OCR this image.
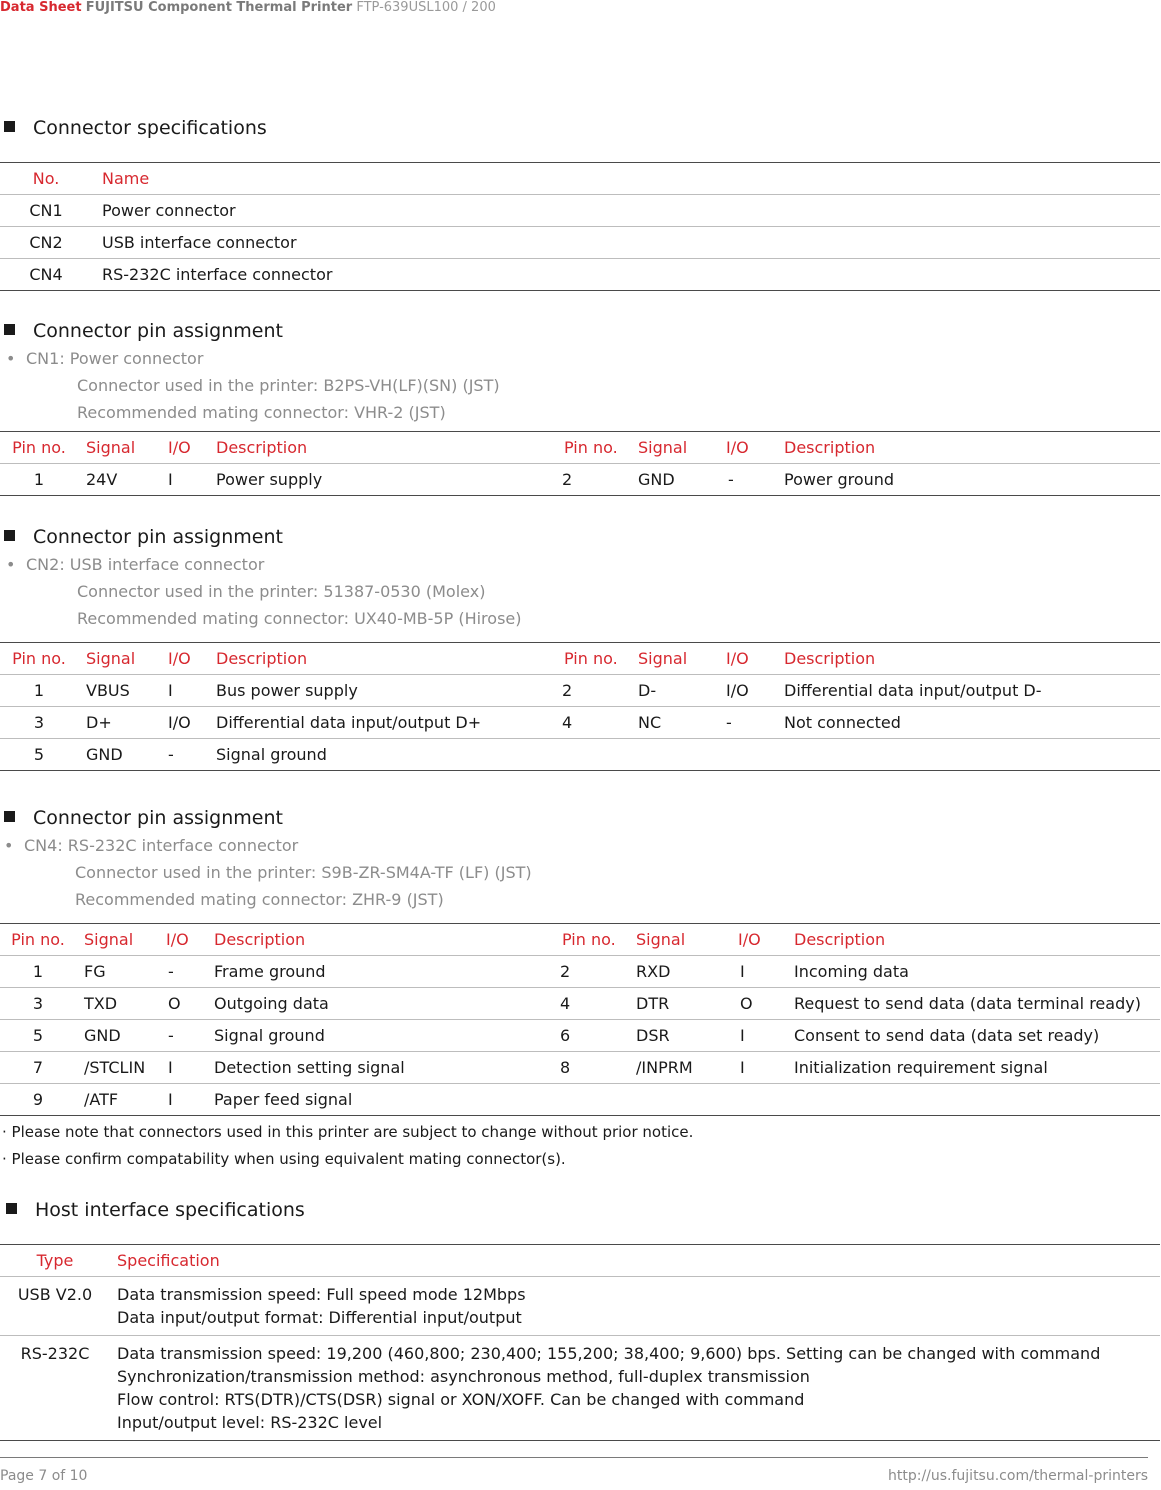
Data Sheet FUJITSU Component Thermal Printer FTP-639USL100 / 200
Connector specifications
No.	Name
CN1	Power connector
CN2	USB interface connector
CN4	RS-232C interface connector
Connector pin assignment
• CN1: Power connector
Connector used in the printer: B2PS-VH(LF)(SN) (JST)
Recommended mating connector: VHR-2 (JST)
Pin no.	Signal	I/O	Description	Pin no.	Signal	I/O	Description
1	24V	I	Power supply	2	GND	-	Power ground
Connector pin assignment
• CN2: USB interface connector
Connector used in the printer: 51387-0530 (Molex)
Recommended mating connector: UX40-MB-5P (Hirose)
Pin no.	Signal	I/O	Description	Pin no.	Signal	I/O	Description
1	VBUS	I	Bus power supply	2	D-	I/O	Differential data input/output D-
3	D+	I/O	Differential data input/output D+	4	NC	-	Not connected
5	GND	-	Signal ground				
Connector pin assignment
• CN4: RS-232C interface connector
Connector used in the printer: S9B-ZR-SM4A-TF (LF) (JST)
Recommended mating connector: ZHR-9 (JST)
Pin no.	Signal	I/O	Description	Pin no.	Signal	I/O	Description
1	FG	-	Frame ground	2	RXD	I	Incoming data
3	TXD	O	Outgoing data	4	DTR	O	Request to send data (data terminal ready)
5	GND	-	Signal ground	6	DSR	I	Consent to send data (data set ready)
7	/STCLIN	I	Detection setting signal	8	/INPRM	I	Initialization requirement signal
9	/ATF	I	Paper feed signal				
· Please note that connectors used in this printer are subject to change without prior notice.
· Please confirm compatability when using equivalent mating connector(s).
Host interface specifications
Type	Specification
USB V2.0	Data transmission speed: Full speed mode 12Mbps
Data input/output format: Differential input/output

RS-232C	Data transmission speed: 19,200 (460,800; 230,400; 155,200; 38,400; 9,600) bps. Setting can be changed with command
Synchronization/transmission method: asynchronous method, full-duplex transmission
Flow control: RTS(DTR)/CTS(DSR) signal or XON/XOFF. Can be changed with command
Input/output level: RS-232C level
Page 7 of 10	http://us.fujitsu.com/thermal-printers
